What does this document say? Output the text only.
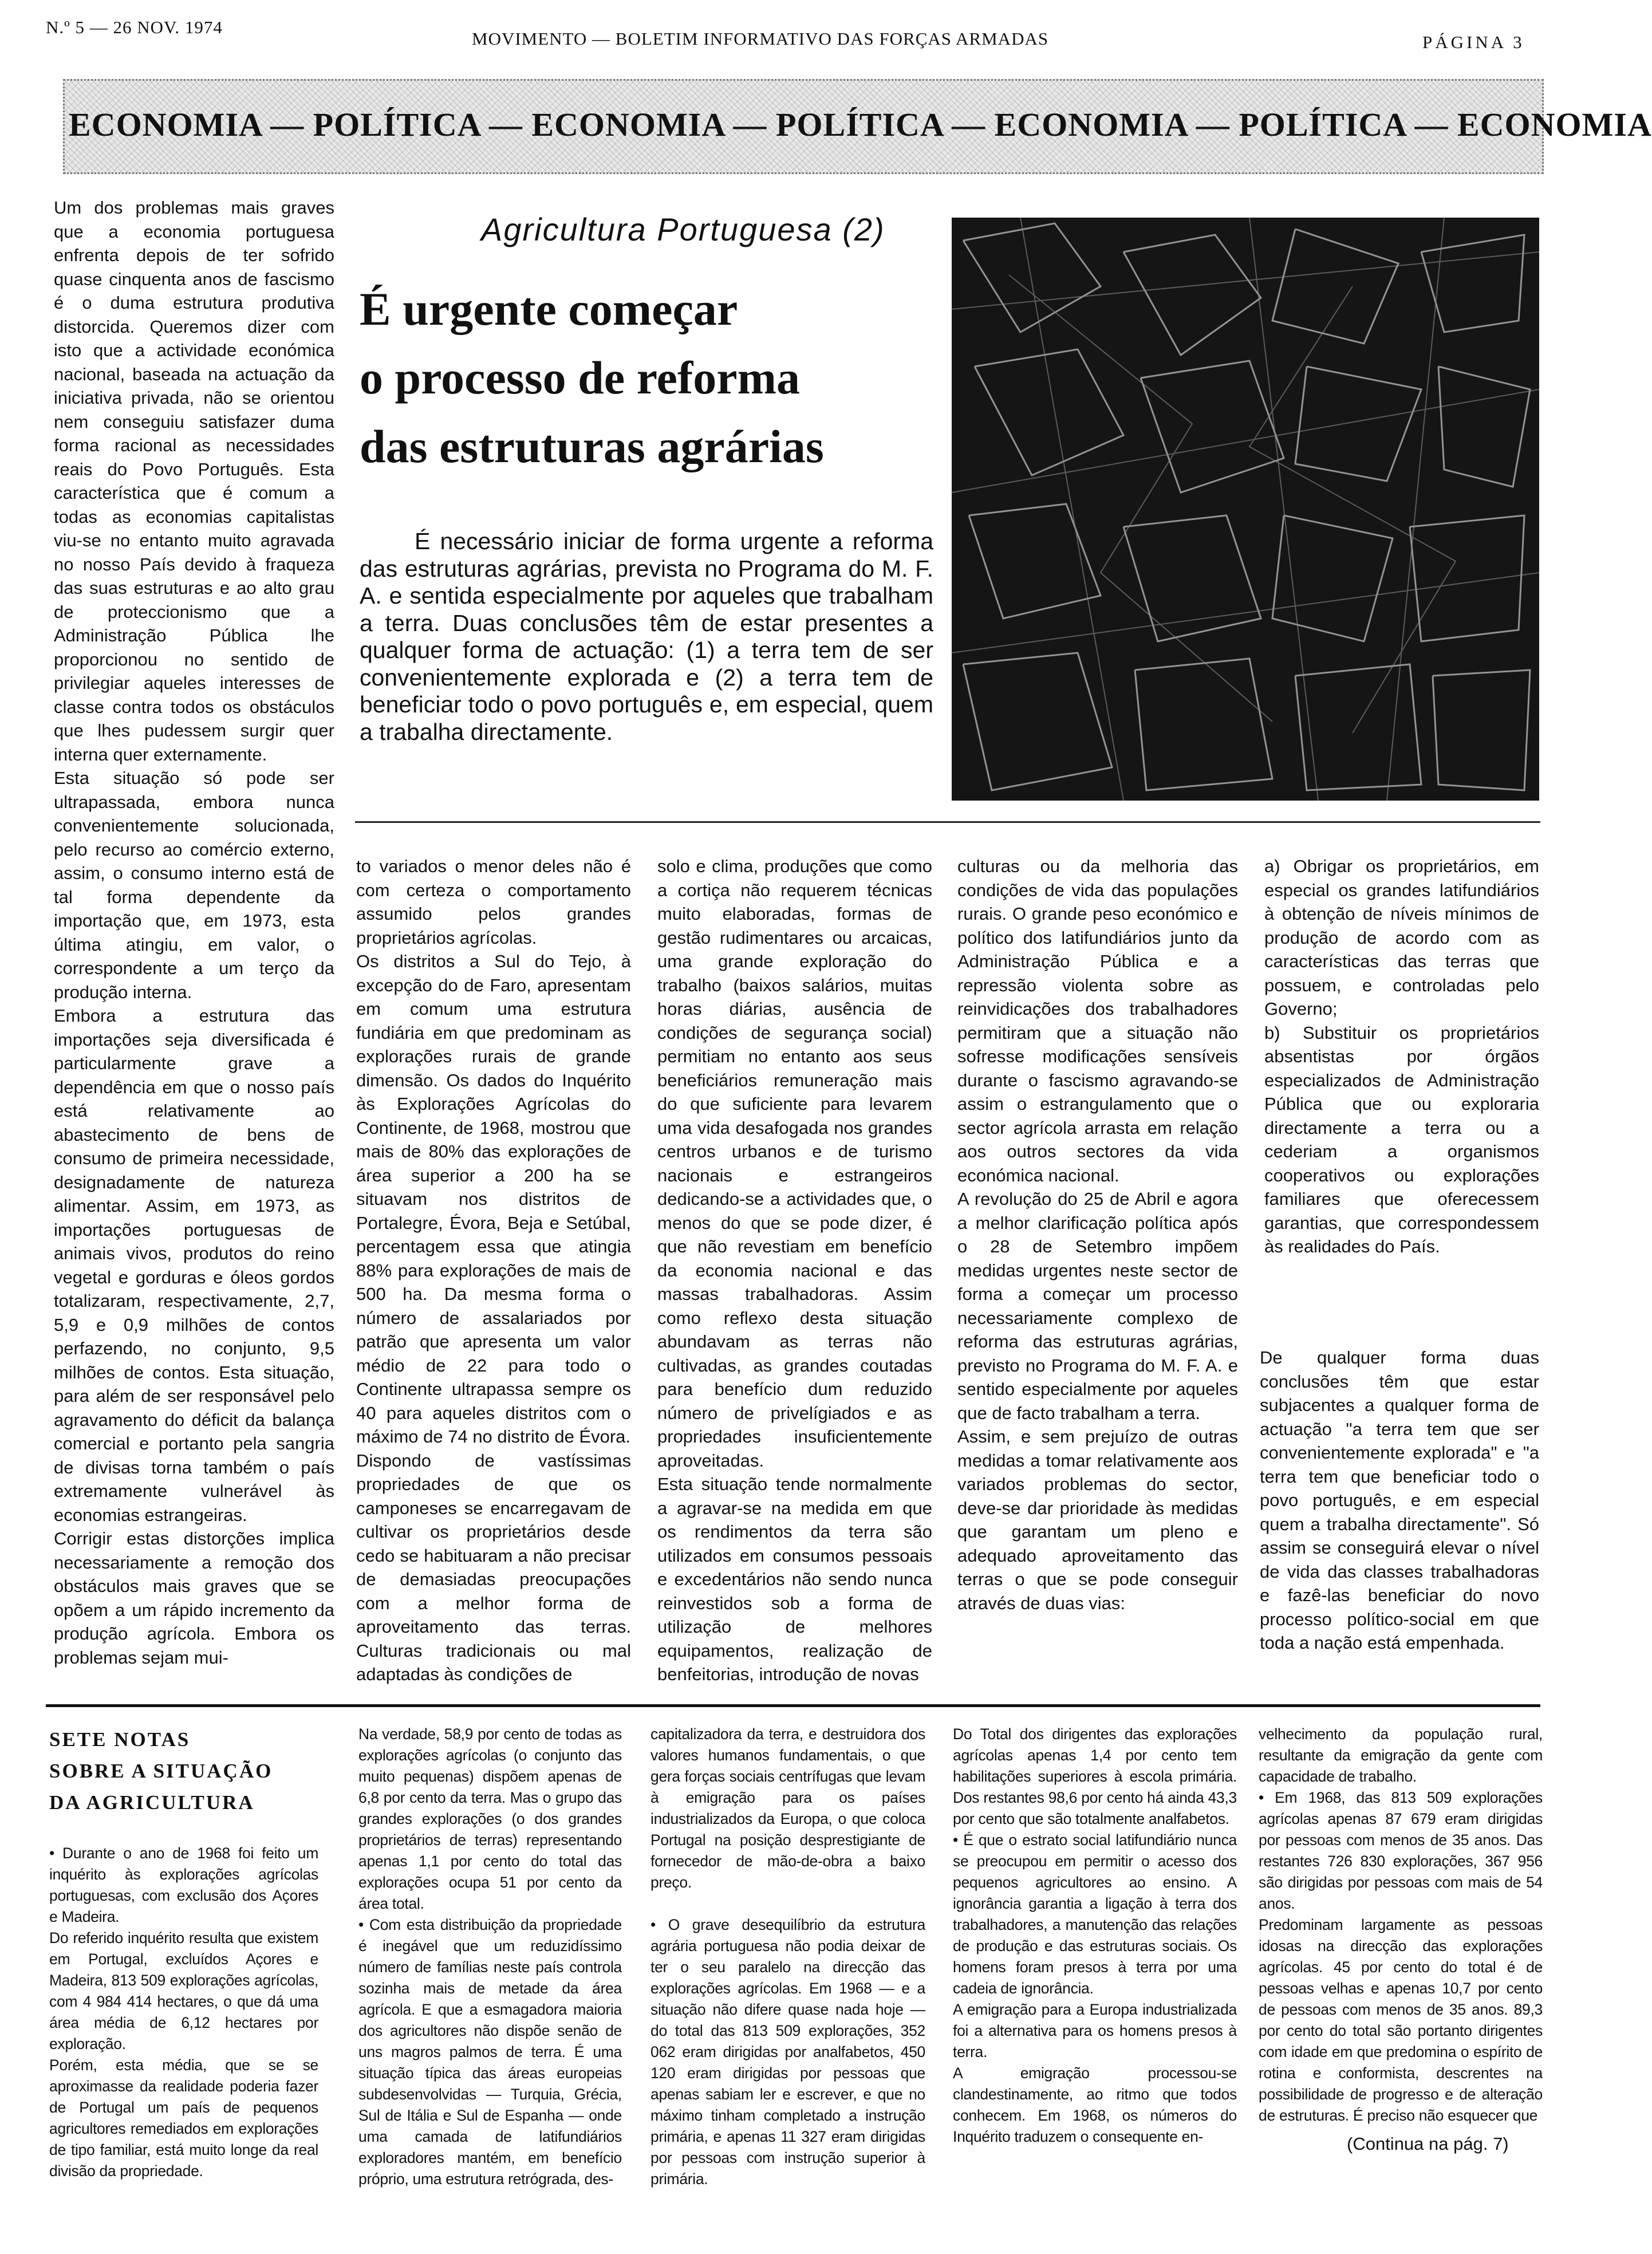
N.º 5 — 26 NOV. 1974
MOVIMENTO — BOLETIM INFORMATIVO DAS FORÇAS ARMADAS	PÁGINA 3
ECONOMIA — POLÍTICA — ECONOMIA — POLÍTICA — ECONOMIA — POLÍTICA — ECONOMIA
Um dos problemas mais graves que a economia portuguesa enfrenta depois de ter sofrido quase cinquenta anos de fascismo é o duma estrutura produtiva distorcida. Queremos dizer com isto que a actividade económica nacional, baseada na actuação da iniciativa privada, não se orientou nem conseguiu satisfazer duma forma racional as necessidades reais do Povo Português. Esta característica que é comum a todas as economias capitalistas viu-se no entanto muito agravada no nosso País devido à fraqueza das suas estruturas e ao alto grau de proteccionismo que a Administração Pública lhe proporcionou no sentido de privilegiar aqueles interesses de classe contra todos os obstáculos que lhes pudessem surgir quer interna quer externamente.
Esta situação só pode ser ultrapassada, embora nunca convenientemente solucionada, pelo recurso ao comércio externo, assim, o consumo interno está de tal forma dependente da importação que, em 1973, esta última atingiu, em valor, o correspondente a um terço da produção interna.
Embora a estrutura das importações seja diversificada é particularmente grave a dependência em que o nosso país está relativamente ao abastecimento de bens de consumo de primeira necessidade, designadamente de natureza alimentar. Assim, em 1973, as importações portuguesas de animais vivos, produtos do reino vegetal e gorduras e óleos gordos totalizaram, respectivamente, 2,7, 5,9 e 0,9 milhões de contos perfazendo, no conjunto, 9,5 milhões de contos. Esta situação, para além de ser responsável pelo agravamento do déficit da balança comercial e portanto pela sangria de divisas torna também o país extremamente vulnerável às economias estrangeiras.
Corrigir estas distorções implica necessariamente a remoção dos obstáculos mais graves que se opõem a um rápido incremento da produção agrícola. Embora os problemas sejam mui-
Agricultura Portuguesa (2)
É urgente começar
o processo de reforma
das estruturas agrárias
É necessário iniciar de forma urgente a reforma das estruturas agrárias, prevista no Programa do M. F. A. e sentida especialmente por aqueles que trabalham a terra. Duas conclusões têm de estar presentes a qualquer forma de actuação: (1) a terra tem de ser convenientemente explorada e (2) a terra tem de beneficiar todo o povo português e, em especial, quem a trabalha directamente.
to variados o menor deles não é com certeza o comportamento assumido pelos grandes proprietários agrícolas.
Os distritos a Sul do Tejo, à excepção do de Faro, apresentam em comum uma estrutura fundiária em que predominam as explorações rurais de grande dimensão. Os dados do Inquérito às Explorações Agrícolas do Continente, de 1968, mostrou que mais de 80% das explorações de área superior a 200 ha se situavam nos distritos de Portalegre, Évora, Beja e Setúbal, percentagem essa que atingia 88% para explorações de mais de 500 ha. Da mesma forma o número de assalariados por patrão que apresenta um valor médio de 22 para todo o Continente ultrapassa sempre os 40 para aqueles distritos com o máximo de 74 no distrito de Évora.
Dispondo de vastíssimas propriedades de que os camponeses se encarregavam de cultivar os proprietários desde cedo se habituaram a não precisar de demasiadas preocupações com a melhor forma de aproveitamento das terras. Culturas tradicionais ou mal adaptadas às condições de
solo e clima, produções que como a cortiça não requerem técnicas muito elaboradas, formas de gestão rudimentares ou arcaicas, uma grande exploração do trabalho (baixos salários, muitas horas diárias, ausência de condições de segurança social) permitiam no entanto aos seus beneficiários remuneração mais do que suficiente para levarem uma vida desafogada nos grandes centros urbanos e de turismo nacionais e estrangeiros dedicando-se a actividades que, o menos do que se pode dizer, é que não revestiam em benefício da economia nacional e das massas trabalhadoras. Assim como reflexo desta situação abundavam as terras não cultivadas, as grandes coutadas para benefício dum reduzido número de privelígiados e as propriedades insuficientemente aproveitadas.
Esta situação tende normalmente a agravar-se na medida em que os rendimentos da terra são utilizados em consumos pessoais e excedentários não sendo nunca reinvestidos sob a forma de utilização de melhores equipamentos, realização de benfeitorias, introdução de novas
culturas ou da melhoria das condições de vida das populações rurais. O grande peso económico e político dos latifundiários junto da Administração Pública e a repressão violenta sobre as reinvidicações dos trabalhadores permitiram que a situação não sofresse modificações sensíveis durante o fascismo agravando-se assim o estrangulamento que o sector agrícola arrasta em relação aos outros sectores da vida económica nacional.
A revolução do 25 de Abril e agora a melhor clarificação política após o 28 de Setembro impõem medidas urgentes neste sector de forma a começar um processo necessariamente complexo de reforma das estruturas agrárias, previsto no Programa do M. F. A. e sentido especialmente por aqueles que de facto trabalham a terra.
Assim, e sem prejuízo de outras medidas a tomar relativamente aos variados problemas do sector, deve-se dar prioridade às medidas que garantam um pleno e adequado aproveitamento das terras o que se pode conseguir através de duas vias:
a) Obrigar os proprietários, em especial os grandes latifundiários à obtenção de níveis mínimos de produção de acordo com as características das terras que possuem, e controladas pelo Governo;
b) Substituir os proprietários absentistas por órgãos especializados de Administração Pública que ou exploraria directamente a terra ou a cederiam a organismos cooperativos ou explorações familiares que oferecessem garantias, que correspondessem às realidades do País.
De qualquer forma duas conclusões têm que estar subjacentes a qualquer forma de actuação "a terra tem que ser convenientemente explorada" e "a terra tem que beneficiar todo o povo português, e em especial quem a trabalha directamente". Só assim se conseguirá elevar o nível de vida das classes trabalhadoras e fazê-las beneficiar do novo processo político-social em que toda a nação está empenhada.
SETE NOTAS
SOBRE A SITUAÇÃO
DA AGRICULTURA
• Durante o ano de 1968 foi feito um inquérito às explorações agrícolas portuguesas, com exclusão dos Açores e Madeira.
Do referido inquérito resulta que existem em Portugal, excluídos Açores e Madeira, 813 509 explorações agrícolas, com 4 984 414 hectares, o que dá uma área média de 6,12 hectares por exploração.
Porém, esta média, que se se aproximasse da realidade poderia fazer de Portugal um país de pequenos agricultores remediados em explorações de tipo familiar, está muito longe da real divisão da propriedade.
Na verdade, 58,9 por cento de todas as explorações agrícolas (o conjunto das muito pequenas) dispõem apenas de 6,8 por cento da terra. Mas o grupo das grandes explorações (o dos grandes proprietários de terras) representando apenas 1,1 por cento do total das explorações ocupa 51 por cento da área total.
• Com esta distribuição da propriedade é inegável que um reduzidíssimo número de famílias neste país controla sozinha mais de metade da área agrícola. E que a esmagadora maioria dos agricultores não dispõe senão de uns magros palmos de terra. É uma situação típica das áreas europeias subdesenvolvidas — Turquia, Grécia, Sul de Itália e Sul de Espanha — onde uma camada de latifundiários exploradores mantém, em benefício próprio, uma estrutura retrógrada, des-
capitalizadora da terra, e destruidora dos valores humanos fundamentais, o que gera forças sociais centrífugas que levam à emigração para os países industrializados da Europa, o que coloca Portugal na posição desprestigiante de fornecedor de mão-de-obra a baixo preço.

• O grave desequilíbrio da estrutura agrária portuguesa não podia deixar de ter o seu paralelo na direcção das explorações agrícolas. Em 1968 — e a situação não difere quase nada hoje — do total das 813 509 explorações, 352 062 eram dirigidas por analfabetos, 450 120 eram dirigidas por pessoas que apenas sabiam ler e escrever, e que no máximo tinham completado a instrução primária, e apenas 11 327 eram dirigidas por pessoas com instrução superior à primária.
Do Total dos dirigentes das explorações agrícolas apenas 1,4 por cento tem habilitações superiores à escola primária. Dos restantes 98,6 por cento há ainda 43,3 por cento que são totalmente analfabetos.
• É que o estrato social latifundiário nunca se preocupou em permitir o acesso dos pequenos agricultores ao ensino. A ignorância garantia a ligação à terra dos trabalhadores, a manutenção das relações de produção e das estruturas sociais. Os homens foram presos à terra por uma cadeia de ignorância.
A emigração para a Europa industrializada foi a alternativa para os homens presos à terra.
A emigração processou-se clandestinamente, ao ritmo que todos conhecem. Em 1968, os números do Inquérito traduzem o consequente en-
velhecimento da população rural, resultante da emigração da gente com capacidade de trabalho.
• Em 1968, das 813 509 explorações agrícolas apenas 87 679 eram dirigidas por pessoas com menos de 35 anos. Das restantes 726 830 explorações, 367 956 são dirigidas por pessoas com mais de 54 anos.
Predominam largamente as pessoas idosas na direcção das explorações agrícolas. 45 por cento do total é de pessoas velhas e apenas 10,7 por cento de pessoas com menos de 35 anos. 89,3 por cento do total são portanto dirigentes com idade em que predomina o espírito de rotina e conformista, descrentes na possibilidade de progresso e de alteração de estruturas. É preciso não esquecer que
(Continua na pág. 7)
